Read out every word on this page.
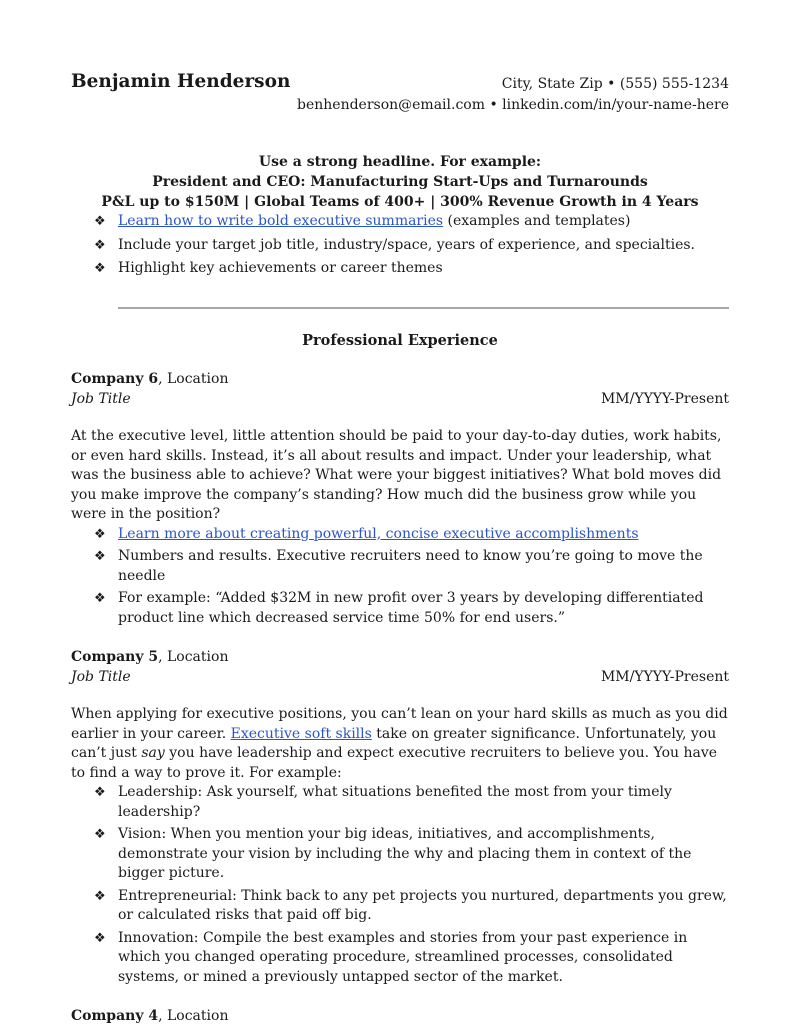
Benjamin Henderson	City, State Zip • (555) 555-1234
benhenderson@email.com • linkedin.com/in/your-name-here
Use a strong headline. For example:
President and CEO: Manufacturing Start-Ups and Turnarounds
P&L up to $150M | Global Teams of 400+ | 300% Revenue Growth in 4 Years
❖ Learn how to write bold executive summaries (examples and templates)
❖ Include your target job title, industry/space, years of experience, and specialties.
❖ Highlight key achievements or career themes
Professional Experience
Company 6, Location
Job Title	MM/YYYY-Present
At the executive level, little attention should be paid to your day-to-day duties, work habits, or even hard skills. Instead, it’s all about results and impact. Under your leadership, what was the business able to achieve? What were your biggest initiatives? What bold moves did you make improve the company’s standing? How much did the business grow while you were in the position?
❖ Learn more about creating powerful, concise executive accomplishments
❖ Numbers and results. Executive recruiters need to know you’re going to move the needle
❖ For example: “Added $32M in new profit over 3 years by developing differentiated product line which decreased service time 50% for end users.”
Company 5, Location
Job Title	MM/YYYY-Present
When applying for executive positions, you can’t lean on your hard skills as much as you did earlier in your career. Executive soft skills take on greater significance. Unfortunately, you can’t just say you have leadership and expect executive recruiters to believe you. You have to find a way to prove it. For example:
❖ Leadership: Ask yourself, what situations benefited the most from your timely leadership?
❖ Vision: When you mention your big ideas, initiatives, and accomplishments, demonstrate your vision by including the why and placing them in context of the bigger picture.
❖ Entrepreneurial: Think back to any pet projects you nurtured, departments you grew, or calculated risks that paid off big.
❖ Innovation: Compile the best examples and stories from your past experience in which you changed operating procedure, streamlined processes, consolidated systems, or mined a previously untapped sector of the market.
Company 4, Location
